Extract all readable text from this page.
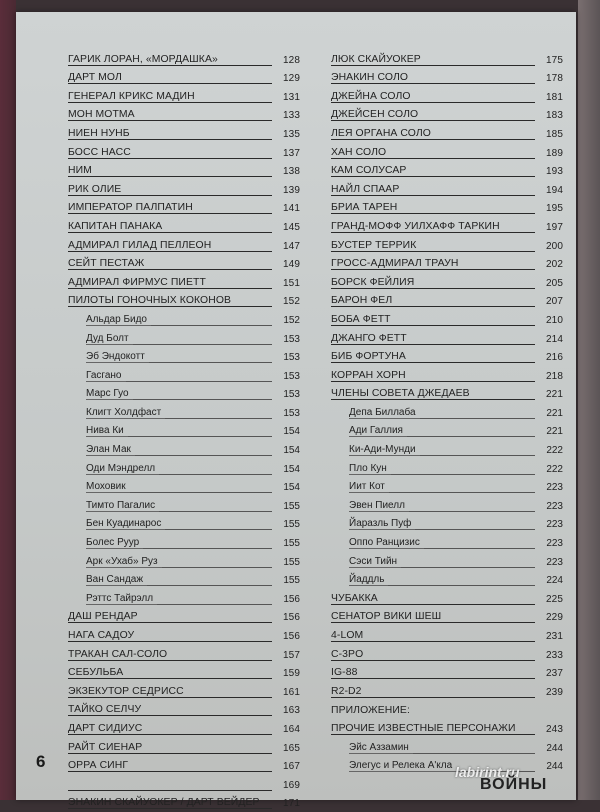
ГАРИК ЛОРАН, «МОРДАШКА»	128
ДАРТ МОЛ	129
ГЕНЕРАЛ КРИКС МАДИН	131
МОН МОТМА	133
НИЕН НУНБ	135
БОСС НАСС	137
НИМ	138
РИК ОЛИЕ	139
ИМПЕРАТОР ПАЛПАТИН	141
КАПИТАН ПАНАКА	145
АДМИРАЛ ГИЛАД ПЕЛЛЕОН	147
СЕЙТ ПЕСТАЖ	149
АДМИРАЛ ФИРМУС ПИЕТТ	151
ПИЛОТЫ ГОНОЧНЫХ КОКОНОВ	152
Альдар Бидо	152
Дуд Болт	153
Эб Эндокотт	153
Гасгано	153
Марс Гуо	153
Клигт Холдфаст	153
Нива Ки	154
Элан Мак	154
Оди Мэндрелл	154
Моховик	154
Тимто Пагалис	155
Бен Куадинарос	155
Болес Руур	155
Арк «Ухаб» Руз	155
Ван Сандаж	155
Рэттс Тайрэлл	156
ДАШ РЕНДАР	156
НАГА САДОУ	156
ТРАКАН САЛ-СОЛО	157
СЕБУЛЬБА	159
ЭКЗЕКУТОР СЕДРИСС	161
ТАЙКО СЕЛЧУ	163
ДАРТ СИДИУС	164
РАЙТ СИЕНАР	165
ОРРА СИНГ	167
169
ЭНАКИН СКАЙУОКЕР / ДАРТ ВЕЙДЕР	171
ЛЮК СКАЙУОКЕР	175
ЭНАКИН СОЛО	178
ДЖЕЙНА СОЛО	181
ДЖЕЙСЕН СОЛО	183
ЛЕЯ ОРГАНА СОЛО	185
ХАН СОЛО	189
КАМ СОЛУСАР	193
НАЙЛ СПААР	194
БРИА ТАРЕН	195
ГРАНД-МОФФ УИЛХАФФ ТАРКИН	197
БУСТЕР ТЕРРИК	200
ГРОСС-АДМИРАЛ ТРАУН	202
БОРСК ФЕЙЛИЯ	205
БАРОН ФЕЛ	207
БОБА ФЕТТ	210
ДЖАНГО ФЕТТ	214
БИБ ФОРТУНА	216
КОРРАН ХОРН	218
ЧЛЕНЫ СОВЕТА ДЖЕДАЕВ	221
Депа Биллаба	221
Ади Галлия	221
Ки-Ади-Мунди	222
Пло Кун	222
Иит Кот	223
Эвен Пиелл	223
Йаразль Пуф	223
Оппо Ранцизис	223
Сэси Тийн	223
Йаддль	224
ЧУБАККА	225
СЕНАТОР ВИКИ ШЕШ	229
4-LOM	231
C-3PO	233
IG-88	237
R2-D2	239
ПРИЛОЖЕНИЕ:
ПРОЧИЕ ИЗВЕСТНЫЕ ПЕРСОНАЖИ	243
Эйс Аззамин	244
Элегус и Релека А'кла	244
6
labirint.ru
ВОЙНЫ
